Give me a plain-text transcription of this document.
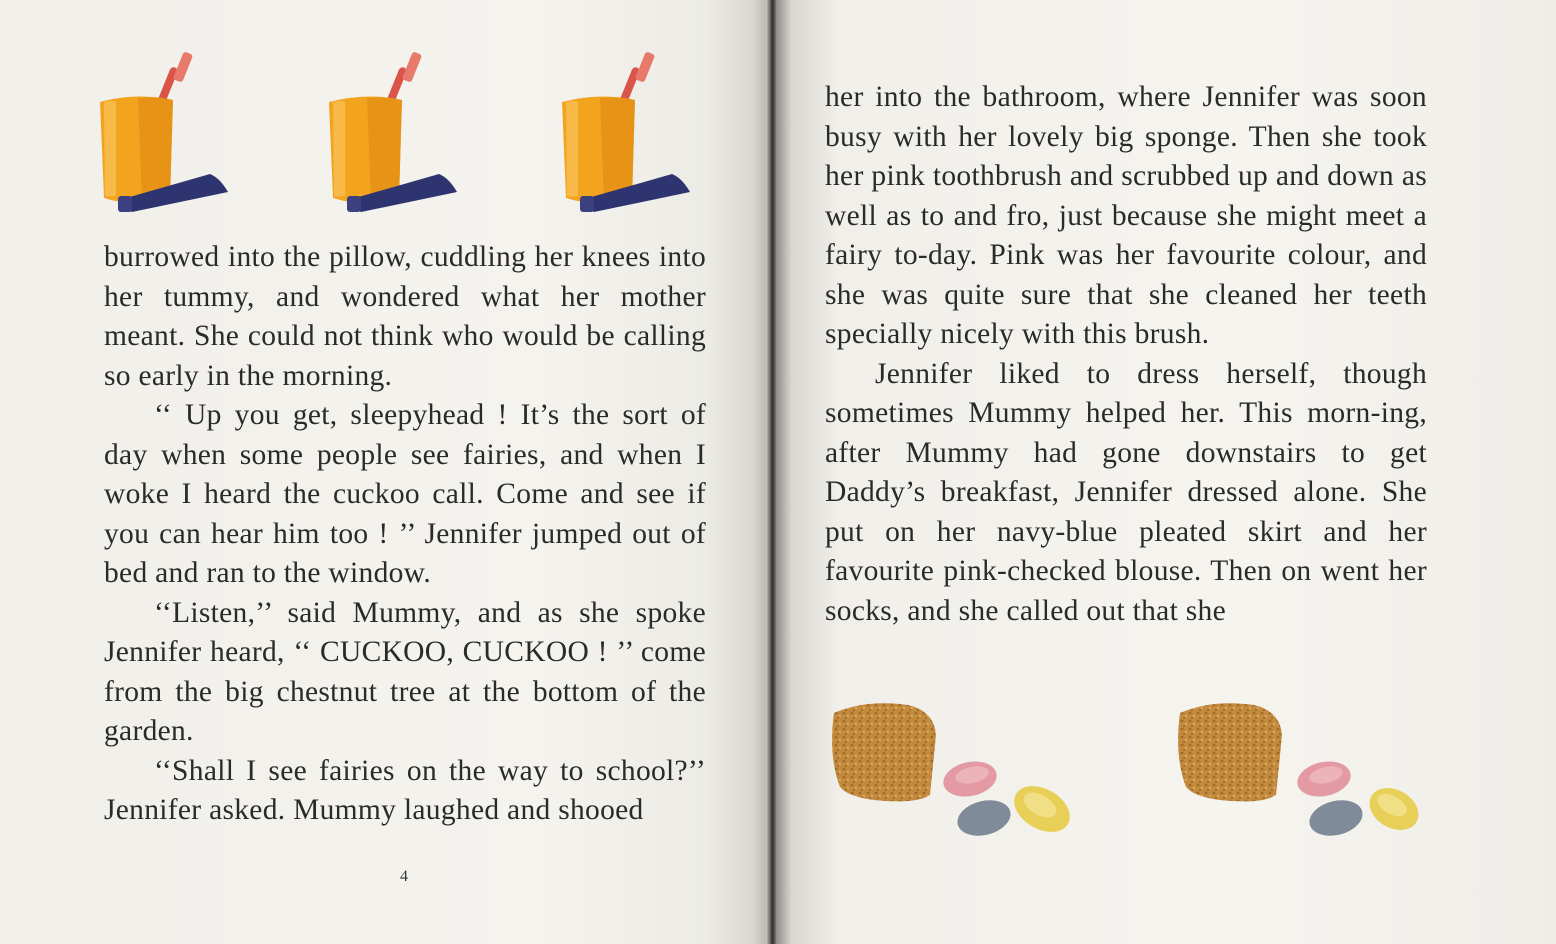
burrowed into the pillow, cuddling her knees into her tummy, and wondered what her mother meant. She could not think who would be calling so early in the morning.

‘‘ Up you get, sleepyhead ! It’s the sort of day when some people see fairies, and when I woke I heard the cuckoo call. Come and see if you can hear him too ! ’’ Jennifer jumped out of bed and ran to the window.

‘‘Listen,’’ said Mummy, and as she spoke Jennifer heard, ‘‘ CUCKOO, CUCKOO ! ’’ come from the big chestnut tree at the bottom of the garden.

‘‘Shall I see fairies on the way to school?’’ Jennifer asked. Mummy laughed and shooed

4

her into the bathroom, where Jennifer was soon busy with her lovely big sponge. Then she took her pink toothbrush and scrubbed up and down as well as to and fro, just because she might meet a fairy to-day. Pink was her favourite colour, and she was quite sure that she cleaned her teeth specially nicely with this brush.

Jennifer liked to dress herself, though sometimes Mummy helped her. This morn-ing, after Mummy had gone downstairs to get Daddy’s breakfast, Jennifer dressed alone. She put on her navy-blue pleated skirt and her favourite pink-checked blouse. Then on went her socks, and she called out that she
